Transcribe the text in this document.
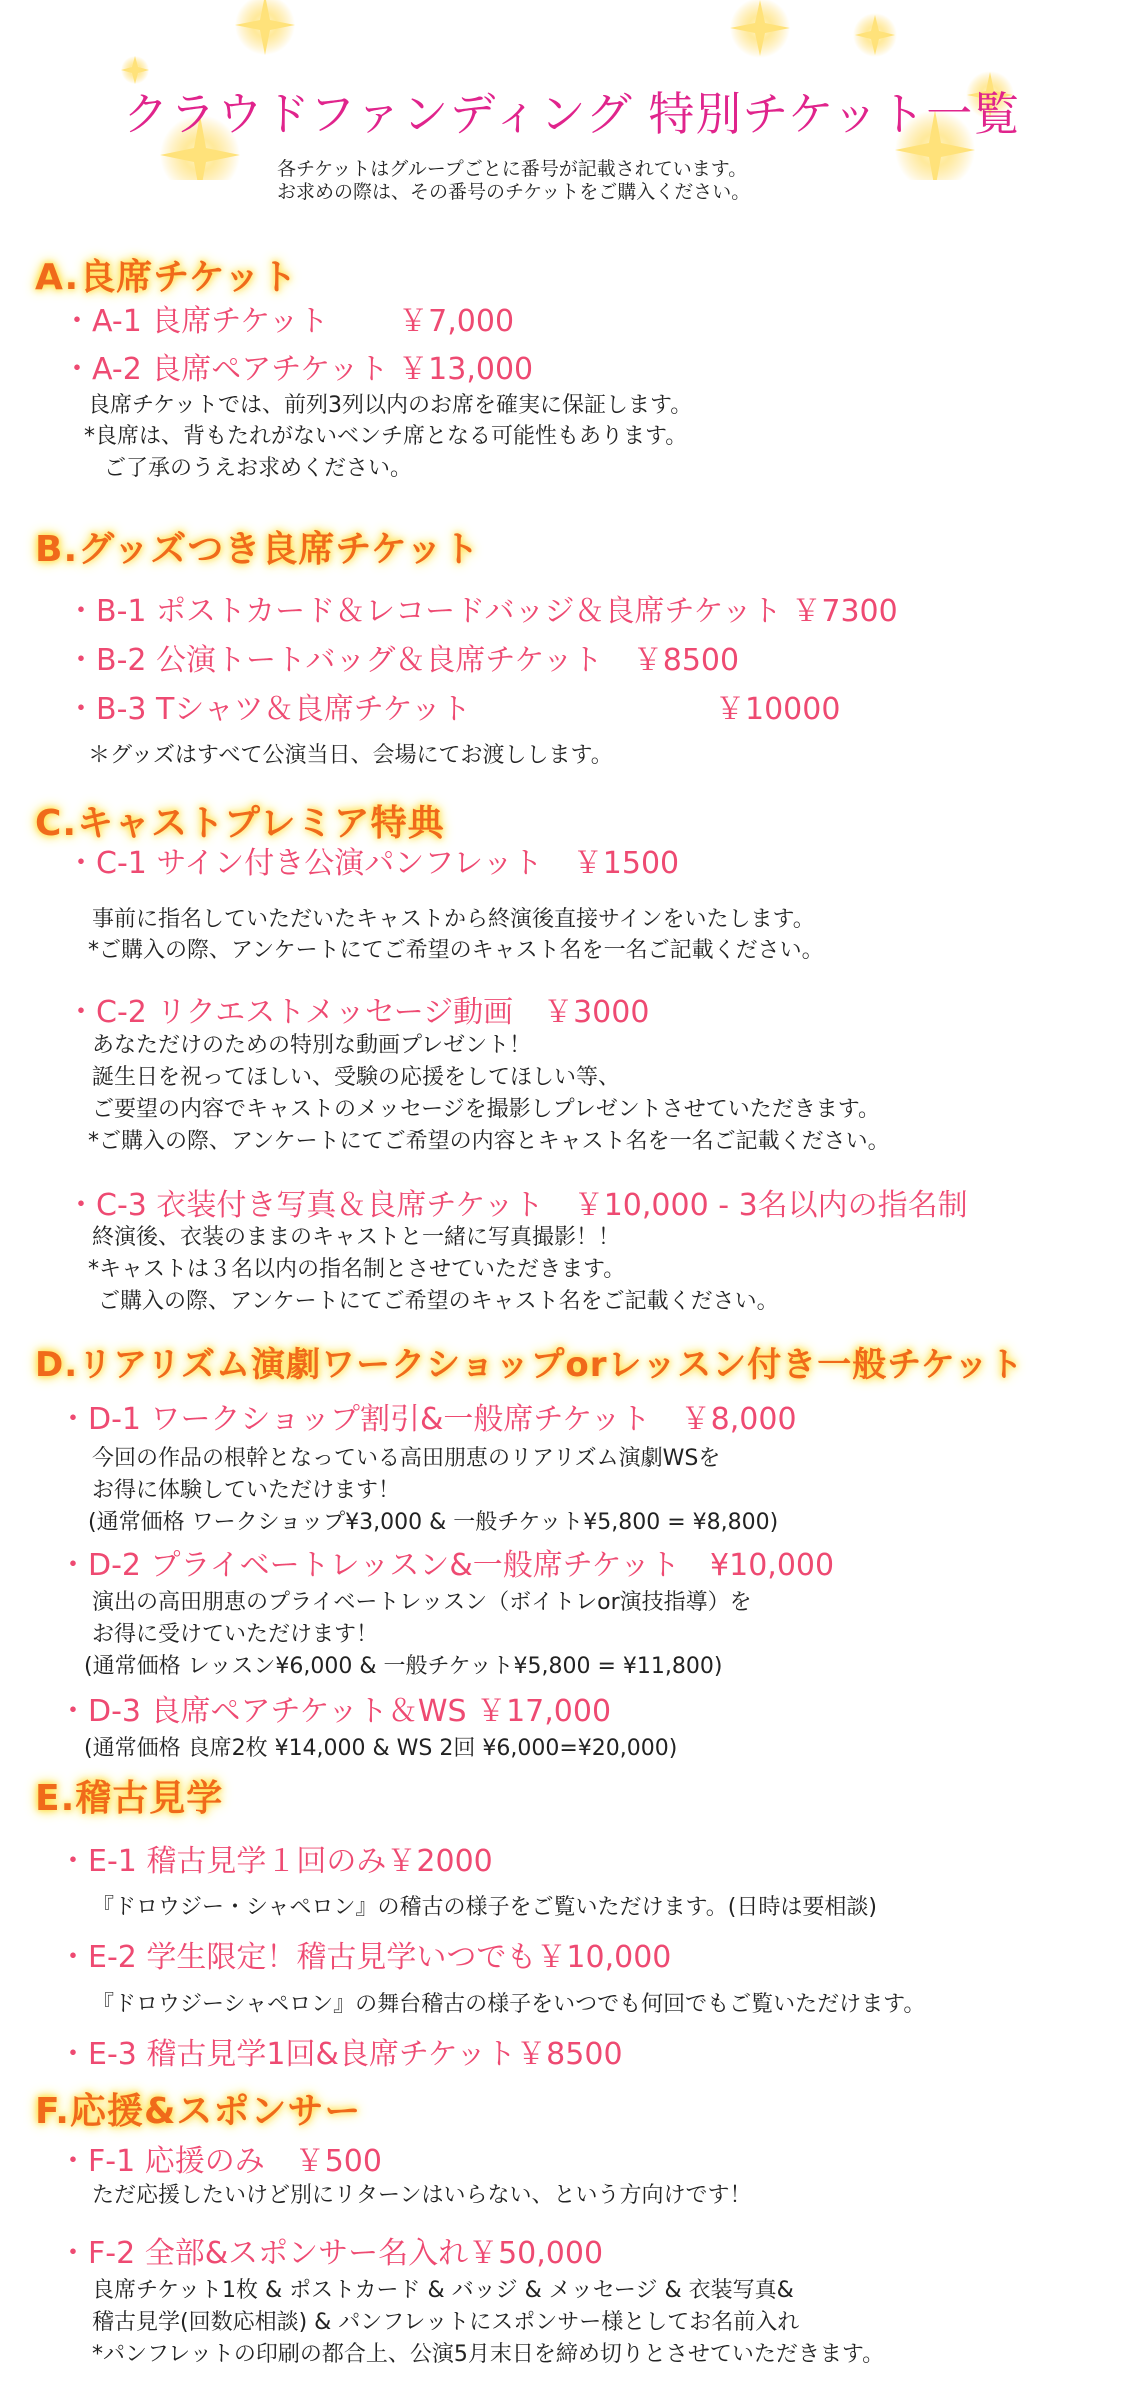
クラウドファンディング 特別チケット一覧
各チケットはグループごとに番号が記載されています。
お求めの際は、その番号のチケットをご購入ください。
A.良席チケット
・A-1 良席チケット　　 ￥7,000
・A-2 良席ペアチケット ￥13,000
良席チケットでは、前列3列以内のお席を確実に保証します。
*良席は、背もたれがないベンチ席となる可能性もあります。
ご了承のうえお求めください。
B.グッズつき良席チケット
・B-1 ポストカード＆レコードバッジ＆良席チケット ￥7300
・B-2 公演トートバッグ＆良席チケット　￥8500
・B-3 Tシャツ＆良席チケット	￥10000
＊グッズはすべて公演当日、会場にてお渡しします。
C.キャストプレミア特典
・C-1 サイン付き公演パンフレット　￥1500
事前に指名していただいたキャストから終演後直接サインをいたします。
*ご購入の際、アンケートにてご希望のキャスト名を一名ご記載ください。
・C-2 リクエストメッセージ動画　￥3000
あなただけのための特別な動画プレゼント！
誕生日を祝ってほしい、受験の応援をしてほしい等、
ご要望の内容でキャストのメッセージを撮影しプレゼントさせていただきます。
*ご購入の際、アンケートにてご希望の内容とキャスト名を一名ご記載ください。
・C-3 衣装付き写真＆良席チケット　￥10,000 - 3名以内の指名制
終演後、衣装のままのキャストと一緒に写真撮影！！
*キャストは３名以内の指名制とさせていただきます。
ご購入の際、アンケートにてご希望のキャスト名をご記載ください。
D.リアリズム演劇ワークショップorレッスン付き一般チケット
・D-1 ワークショップ割引&一般席チケット　￥8,000
今回の作品の根幹となっている高田朋恵のリアリズム演劇WSを
お得に体験していただけます！
(通常価格 ワークショップ¥3,000 & 一般チケット¥5,800 = ¥8,800)
・D-2 プライベートレッスン&一般席チケット　¥10,000
演出の高田朋恵のプライベートレッスン（ボイトレor演技指導）を
お得に受けていただけます！
(通常価格 レッスン¥6,000 & 一般チケット¥5,800 = ¥11,800)
・D-3 良席ペアチケット＆WS ￥17,000
(通常価格 良席2枚 ¥14,000 & WS 2回 ¥6,000=¥20,000)
E.稽古見学
・E-1 稽古見学１回のみ￥2000
『ドロウジー・シャペロン』の稽古の様子をご覧いただけます。(日時は要相談)
・E-2 学生限定！稽古見学いつでも￥10,000
『ドロウジーシャペロン』の舞台稽古の様子をいつでも何回でもご覧いただけます。
・E-3 稽古見学1回&良席チケット￥8500
F.応援&スポンサー
・F-1 応援のみ　￥500
ただ応援したいけど別にリターンはいらない、という方向けです！
・F-2 全部&スポンサー名入れ￥50,000
良席チケット1枚 & ポストカード & バッジ & メッセージ & 衣装写真&
稽古見学(回数応相談) & パンフレットにスポンサー様としてお名前入れ
*パンフレットの印刷の都合上、公演5月末日を締め切りとさせていただきます。
